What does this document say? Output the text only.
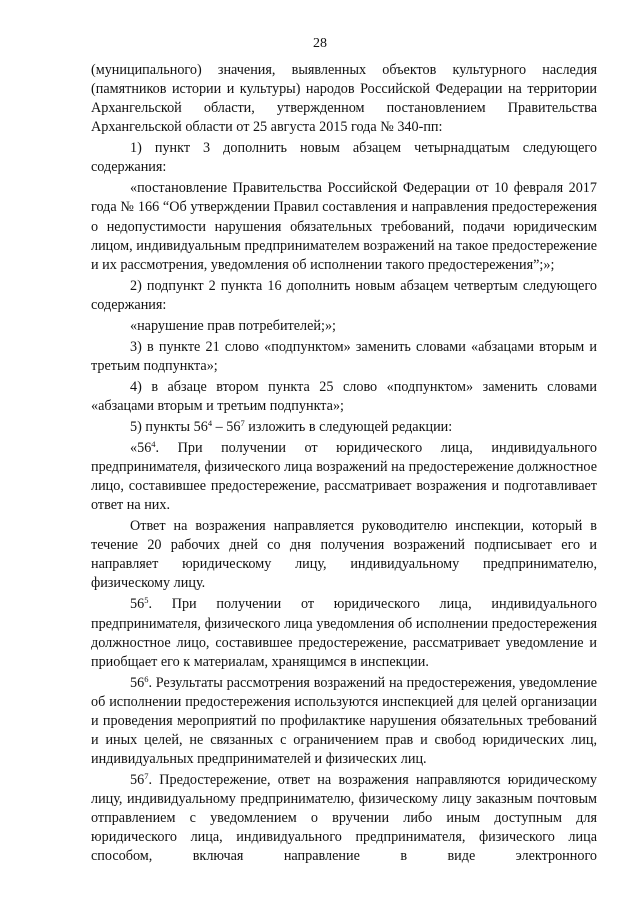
28

(муниципального) значения, выявленных объектов культурного наследия (памятников истории и культуры) народов Российской Федерации на территории Архангельской области, утвержденном постановлением Правительства Архангельской области от 25 августа 2015 года № 340-пп:

1) пункт 3 дополнить новым абзацем четырнадцатым следующего содержания:

«постановление Правительства Российской Федерации от 10 февраля 2017 года № 166 “Об утверждении Правил составления и направления предостережения о недопустимости нарушения обязательных требований, подачи юридическим лицом, индивидуальным предпринимателем возражений на такое предостережение и их рассмотрения, уведомления об исполнении такого предостережения”;»;

2) подпункт 2 пункта 16 дополнить новым абзацем четвертым следующего содержания:

«нарушение прав потребителей;»;

3) в пункте 21 слово «подпунктом» заменить словами «абзацами вторым и третьим подпункта»;

4) в абзаце втором пункта 25 слово «подпунктом» заменить словами «абзацами вторым и третьим подпункта»;

5) пункты $56^4 - 56^7$ изложить в следующей редакции:

«$56^4$. При получении от юридического лица, индивидуального предпринимателя, физического лица возражений на предостережение должностное лицо, составившее предостережение, рассматривает возражения и подготавливает ответ на них.

Ответ на возражения направляется руководителю инспекции, который в течение 20 рабочих дней со дня получения возражений подписывает его и направляет юридическому лицу, индивидуальному предпринимателю, физическому лицу.

$56^5$. При получении от юридического лица, индивидуального предпринимателя, физического лица уведомления об исполнении предостережения должностное лицо, составившее предостережение, рассматривает уведомление и приобщает его к материалам, хранящимся в инспекции.

$56^6$. Результаты рассмотрения возражений на предостережения, уведомление об исполнении предостережения используются инспекцией для целей организации и проведения мероприятий по профилактике нарушения обязательных требований и иных целей, не связанных с ограничением прав и свобод юридических лиц, индивидуальных предпринимателей и физических лиц.

$56^7$. Предостережение, ответ на возражения направляются юридическому лицу, индивидуальному предпринимателю, физическому лицу заказным почтовым отправлением с уведомлением о вручении либо иным доступным для юридического лица, индивидуального предпринимателя, физического лица способом, включая направление в виде электронного
